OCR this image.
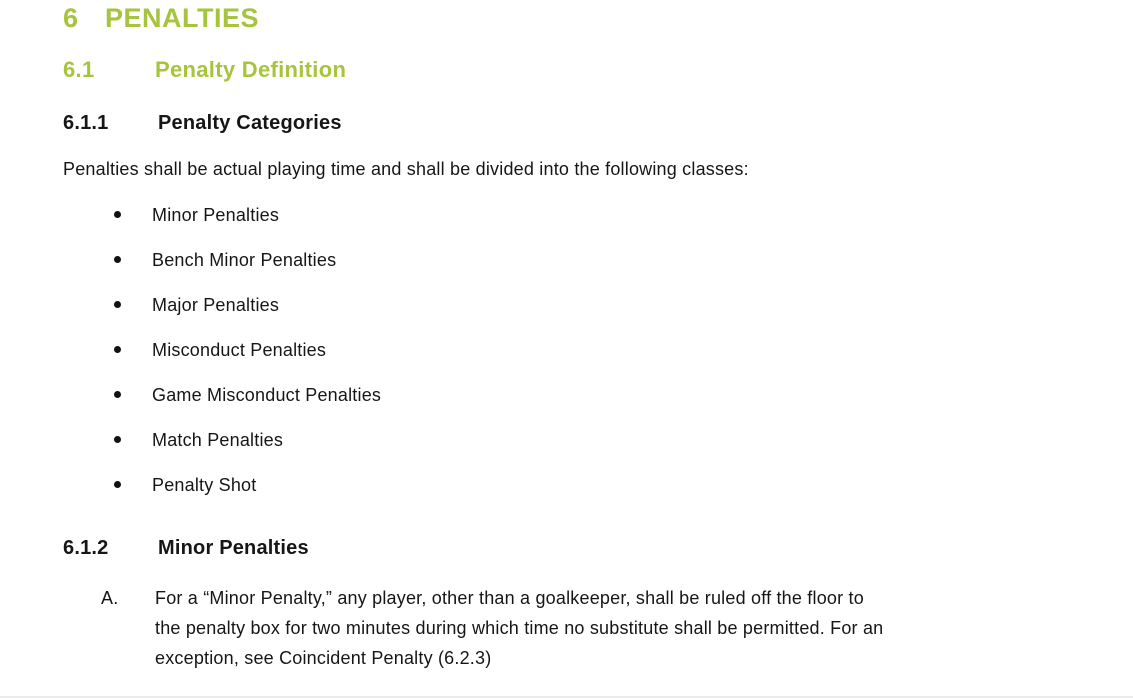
6 PENALTIES
6.1	Penalty Definition
6.1.1 Penalty Categories

Penalties shall be actual playing time and shall be divided into the following classes:

Minor Penalties
Bench Minor Penalties
Major Penalties
Misconduct Penalties
Game Misconduct Penalties
Match Penalties
Penalty Shot
6.1.2 Minor Penalties
A.	For a “Minor Penalty,” any player, other than a goalkeeper, shall be ruled off the floor to
the penalty box for two minutes during which time no substitute shall be permitted. For an
exception, see Coincident Penalty (6.2.3)
